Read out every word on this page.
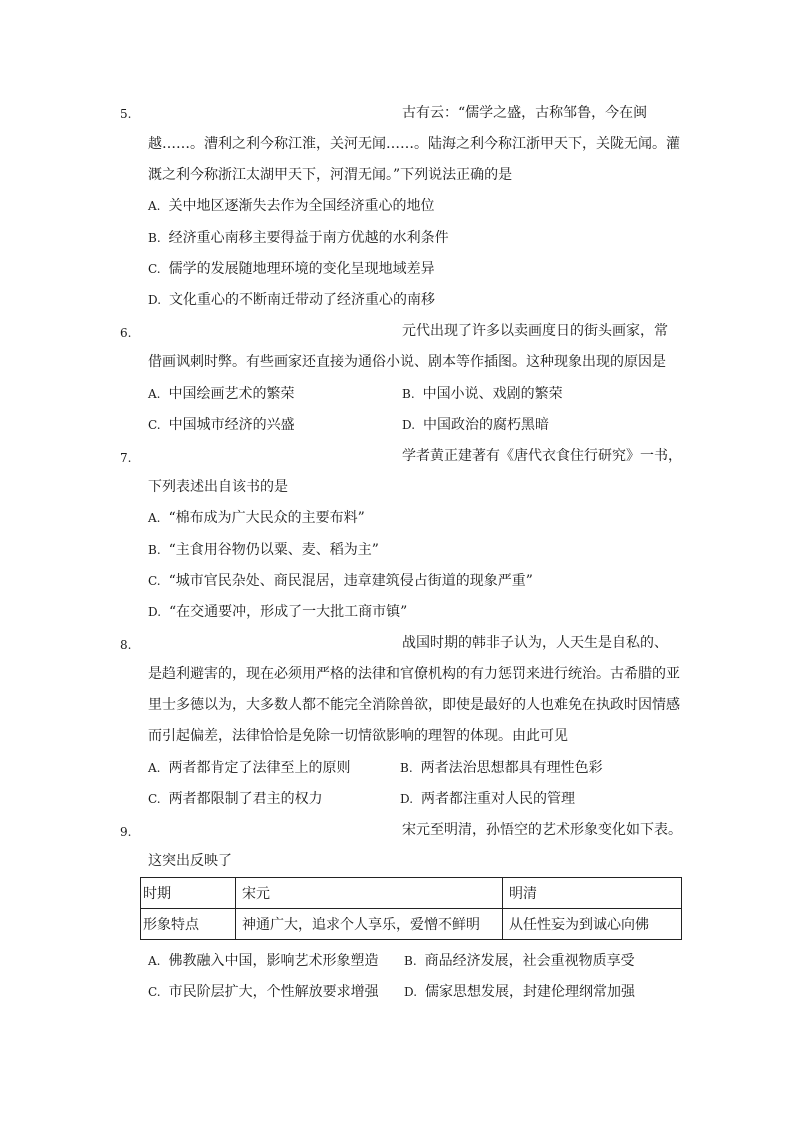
5.	古有云：“儒学之盛，古称邹鲁，今在闽
越……。漕利之利今称江淮，关河无闻……。陆海之利今称江浙甲天下，关陇无闻。灌
溉之利今称浙江太湖甲天下，河渭无闻。”下列说法正确的是
A. 关中地区逐渐失去作为全国经济重心的地位
B. 经济重心南移主要得益于南方优越的水利条件
C. 儒学的发展随地理环境的变化呈现地域差异
D. 文化重心的不断南迁带动了经济重心的南移
6.	元代出现了许多以卖画度日的街头画家，常
借画讽刺时弊。有些画家还直接为通俗小说、剧本等作插图。这种现象出现的原因是
A. 中国绘画艺术的繁荣	B. 中国小说、戏剧的繁荣
C. 中国城市经济的兴盛	D. 中国政治的腐朽黑暗
7.	学者黄正建著有《唐代衣食住行研究》一书，
下列表述出自该书的是
A. “棉布成为广大民众的主要布料”
B. “主食用谷物仍以粟、麦、稻为主”
C. “城市官民杂处、商民混居，违章建筑侵占街道的现象严重”
D. “在交通要冲，形成了一大批工商市镇”
8.	战国时期的韩非子认为，人天生是自私的、
是趋利避害的，现在必须用严格的法律和官僚机构的有力惩罚来进行统治。古希腊的亚
里士多德以为，大多数人都不能完全消除兽欲，即使是最好的人也难免在执政时因情感
而引起偏差，法律恰恰是免除一切情欲影响的理智的体现。由此可见
A. 两者都肯定了法律至上的原则	B. 两者法治思想都具有理性色彩
C. 两者都限制了君主的权力	D. 两者都注重对人民的管理
9.	宋元至明清，孙悟空的艺术形象变化如下表。
这突出反映了
时期	宋元	明清
形象特点	神通广大，追求个人享乐，爱憎不鲜明	从任性妄为到诚心向佛
A. 佛教融入中国，影响艺术形象塑造 B. 商品经济发展，社会重视物质享受
C. 市民阶层扩大，个性解放要求增强 D. 儒家思想发展，封建伦理纲常加强
